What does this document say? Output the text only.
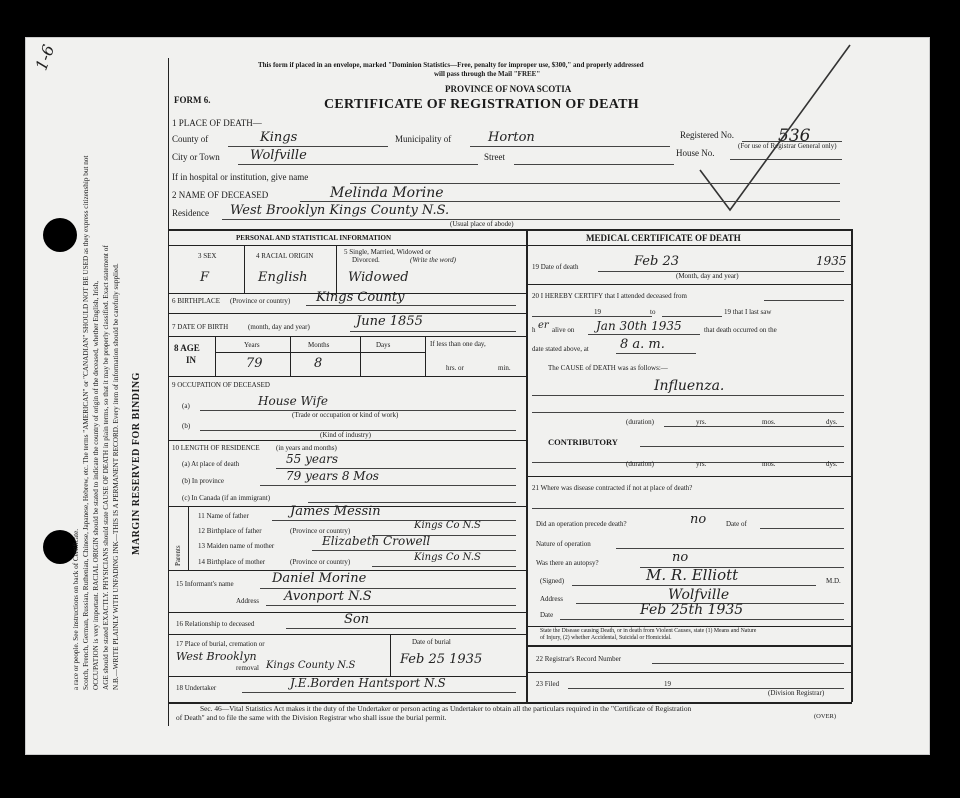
1-6
a race or people. See instructions on back of Certificate. Scotch, French, German, Russian, Ruthenian, Chinese, Japanese, Hebrew, etc. The terms "AMERICAN" or "CANADIAN" SHOULD NOT BE USED as they express citizenship but not OCCUPATION is very important. RACIAL ORIGIN should be stated to indicate the country of origin of the deceased, whether English, Irish, AGE should be stated EXACTLY. PHYSICIANS should state CAUSE OF DEATH in plain terms, so that it may be properly classified. Exact statement of N.B.—WRITE PLAINLY WITH UNFADING INK—THIS IS A PERMANENT RECORD. Every item of information should be carefully supplied. MARGIN RESERVED FOR BINDING
This form if placed in an envelope, marked "Dominion Statistics—Free, penalty for improper use, $300," and properly addressed
will pass through the Mail "FREE"
PROVINCE OF NOVA SCOTIA
FORM 6.	CERTIFICATE OF REGISTRATION OF DEATH
Registered No.	536
(For use of Registrar General only)
House No.
1 PLACE OF DEATH—
County of	Kings	Municipality of	Horton
City or Town Wolfville	Street
If in hospital or institution, give name
2 NAME OF DECEASED	Melinda Morine
Residence West Brooklyn Kings County N.S.
(Usual place of abode)
PERSONAL AND STATISTICAL INFORMATION
3 SEX	4 RACIAL ORIGIN	5 Single, Married, Widowed or
Divorced.	(Write the word)
F	English	Widowed
6 BIRTHPLACE (Province or country) Kings County
7 DATE OF BIRTH	(month, day and year)	June 1855
8 AGE
IN
Years	Months	Days	If less than one day,
hrs. or	min.
79	8
9 OCCUPATION OF DECEASED
(a)	House Wife
(Trade or occupation or kind of work)
(b)
(Kind of industry)
10 LENGTH OF RESIDENCE (in years and months)
(a) At place of death	55 years
(b) In province	79 years 8 Mos
(c) In Canada (if an immigrant)
Parents
11 Name of father	James Messin
12 Birthplace of father	(Province or country)	Kings Co N.S
13 Maiden name of mother	Elizabeth Crowell
14 Birthplace of mother	(Province or country)	Kings Co N.S
15 Informant's name	Daniel Morine
Address Avonport N.S
16 Relationship to deceased	Son
17 Place of burial, cremation or
removal
Date of burial
West Brooklyn
Kings County N.S	Feb 25 1935
18 Undertaker	J.E.Borden Hantsport N.S
MEDICAL CERTIFICATE OF DEATH
19 Date of death	Feb 23	1935
(Month, day and year)
20 I HEREBY CERTIFY that I attended deceased from
19	to	19 that I last saw
h er alive on Jan 30th 1935	that death occurred on the
date stated above, at 8 a. m.
The CAUSE of DEATH was as follows:—
Influenza.
(duration)	yrs.	mos.	dys.
CONTRIBUTORY
(duration)	yrs.	mos.	dys.
21 Where was disease contracted if not at place of death?
Did an operation precede death?	no	Date of
Nature of operation
Was there an autopsy?	no
(Signed)	M. R. Elliott	M.D.
Address	Wolfville
Date	Feb 25th 1935
State the Disease causing Death, or in death from Violent Causes, state (1) Means and Nature
of Injury, (2) whether Accidental, Suicidal or Homicidal.
22 Registrar's Record Number
23 Filed	19
(Division Registrar)
Sec. 46—Vital Statistics Act makes it the duty of the Undertaker or person acting as Undertaker to obtain all the particulars required in the "Certificate of Registration
of Death" and to file the same with the Division Registrar who shall issue the burial permit.	(OVER)
